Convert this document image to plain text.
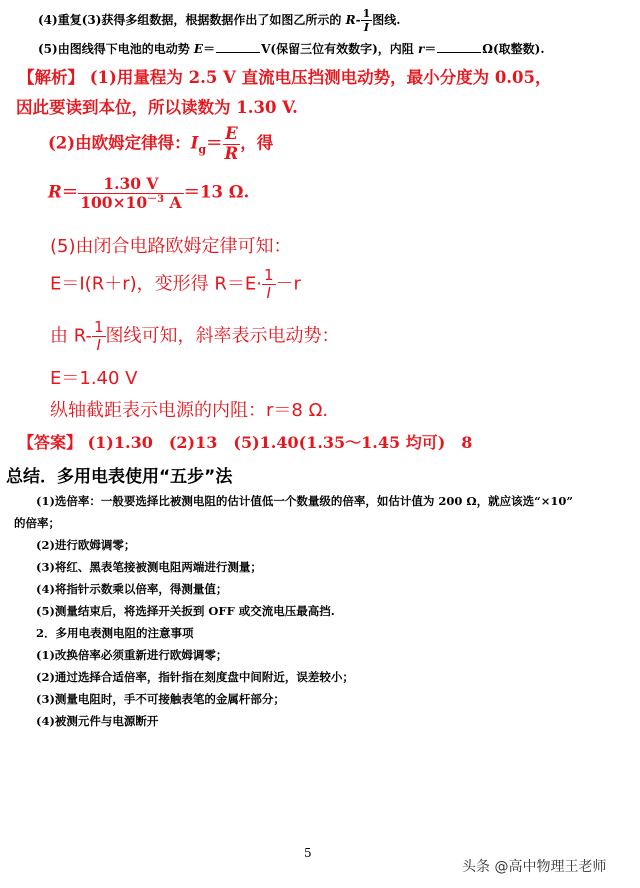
(4)重复(3)获得多组数据，根据数据作出了如图乙所示的 $R- \frac{1}{I}$ 图线.
(5)由图线得下电池的电动势 E＝	V(保留三位有效数字)，内阻 r＝	Ω(取整数).
【解析】 (1)用量程为 2.5 V 直流电压挡测电动势，最小分度为 0.05，
因此要读到本位，所以读数为 1.30 V.
(2)由欧姆定律得：$I_g= \frac{E}{R}$ ，得
$R= \frac{1.30 V}{100\times 10^{-3} A} =13$ Ω.
(5)由闭合电路欧姆定律可知：
E＝I(R＋r)，变形得 $R=E\cdot \frac{1}{I} -r$
由 $R- \frac{1}{I}$ 图线可知，斜率表示电动势：
E＝1.40 V
纵轴截距表示电源的内阻：r＝8 Ω.
【答案】 (1)1.30　(2)13　(5)1.40(1.35～1.45 均可)　8
总结．多用电表使用“五步”法
(1)选倍率：一般要选择比被测电阻的估计值低一个数量级的倍率，如估计值为 200 Ω，就应该选“×10”
的倍率；
(2)进行欧姆调零；
(3)将红、黑表笔接被测电阻两端进行测量；
(4)将指针示数乘以倍率，得测量值；
(5)测量结束后，将选择开关扳到 OFF 或交流电压最高挡.
2．多用电表测电阻的注意事项
(1)改换倍率必须重新进行欧姆调零；
(2)通过选择合适倍率，指针指在刻度盘中间附近，误差较小；
(3)测量电阻时，手不可接触表笔的金属杆部分；
(4)被测元件与电源断开
5
头条 @高中物理王老师
